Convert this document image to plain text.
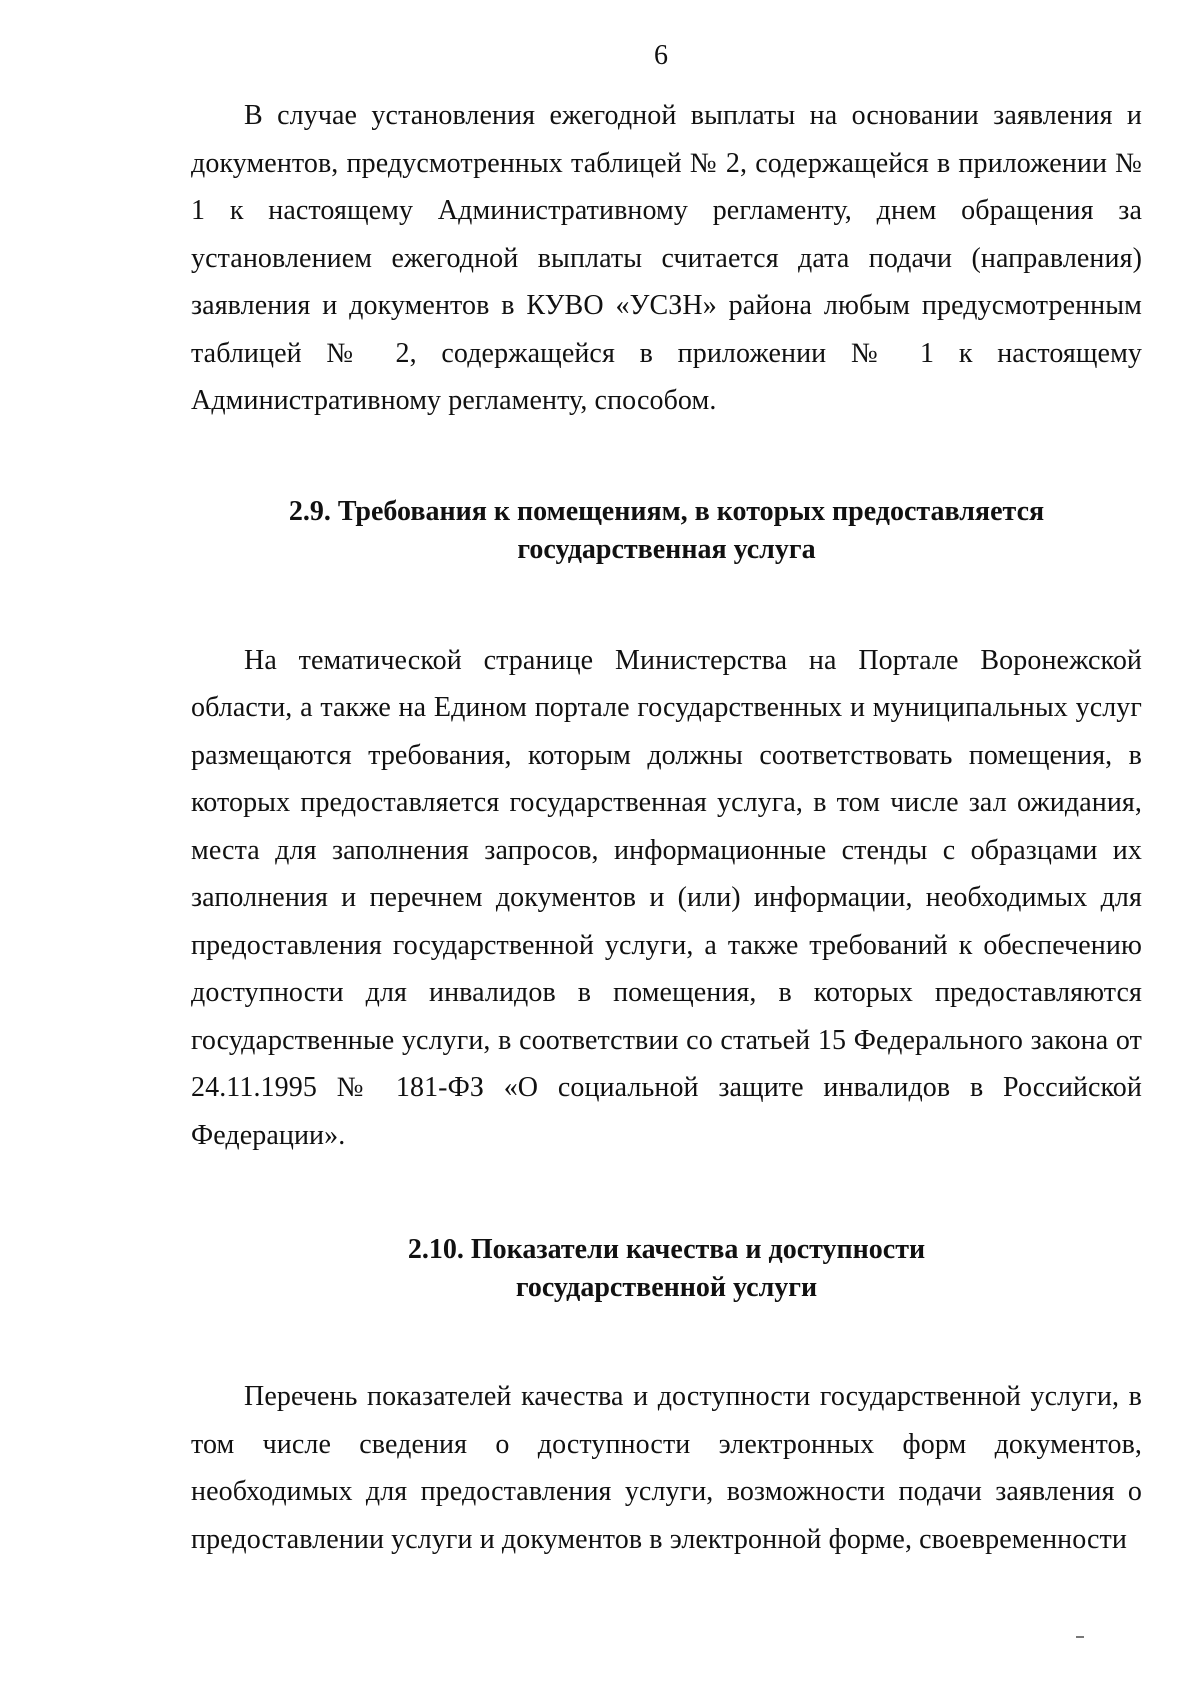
6

В случае установления ежегодной выплаты на основании заявления и документов, предусмотренных таблицей № 2, содержащейся в приложении № 1 к настоящему Административному регламенту, днем обращения за установлением ежегодной выплаты считается дата подачи (направления) заявления и документов в КУВО «УСЗН» района любым предусмотренным таблицей № 2, содержащейся в приложении № 1 к настоящему Административному регламенту, способом.

2.9. Требования к помещениям, в которых предоставляется
государственная услуга

На тематической странице Министерства на Портале Воронежской области, а также на Едином портале государственных и муниципальных услуг размещаются требования, которым должны соответствовать помещения, в которых предоставляется государственная услуга, в том числе зал ожидания, места для заполнения запросов, информационные стенды с образцами их заполнения и перечнем документов и (или) информации, необходимых для предоставления государственной услуги, а также требований к обеспечению доступности для инвалидов в помещения, в которых предоставляются государственные услуги, в соответствии со статьей 15 Федерального закона от 24.11.1995 № 181-ФЗ «О социальной защите инвалидов в Российской Федерации».

2.10. Показатели качества и доступности
государственной услуги

Перечень показателей качества и доступности государственной услуги, в том числе сведения о доступности электронных форм документов, необходимых для предоставления услуги, возможности подачи заявления о предоставлении услуги и документов в электронной форме, своевременности
